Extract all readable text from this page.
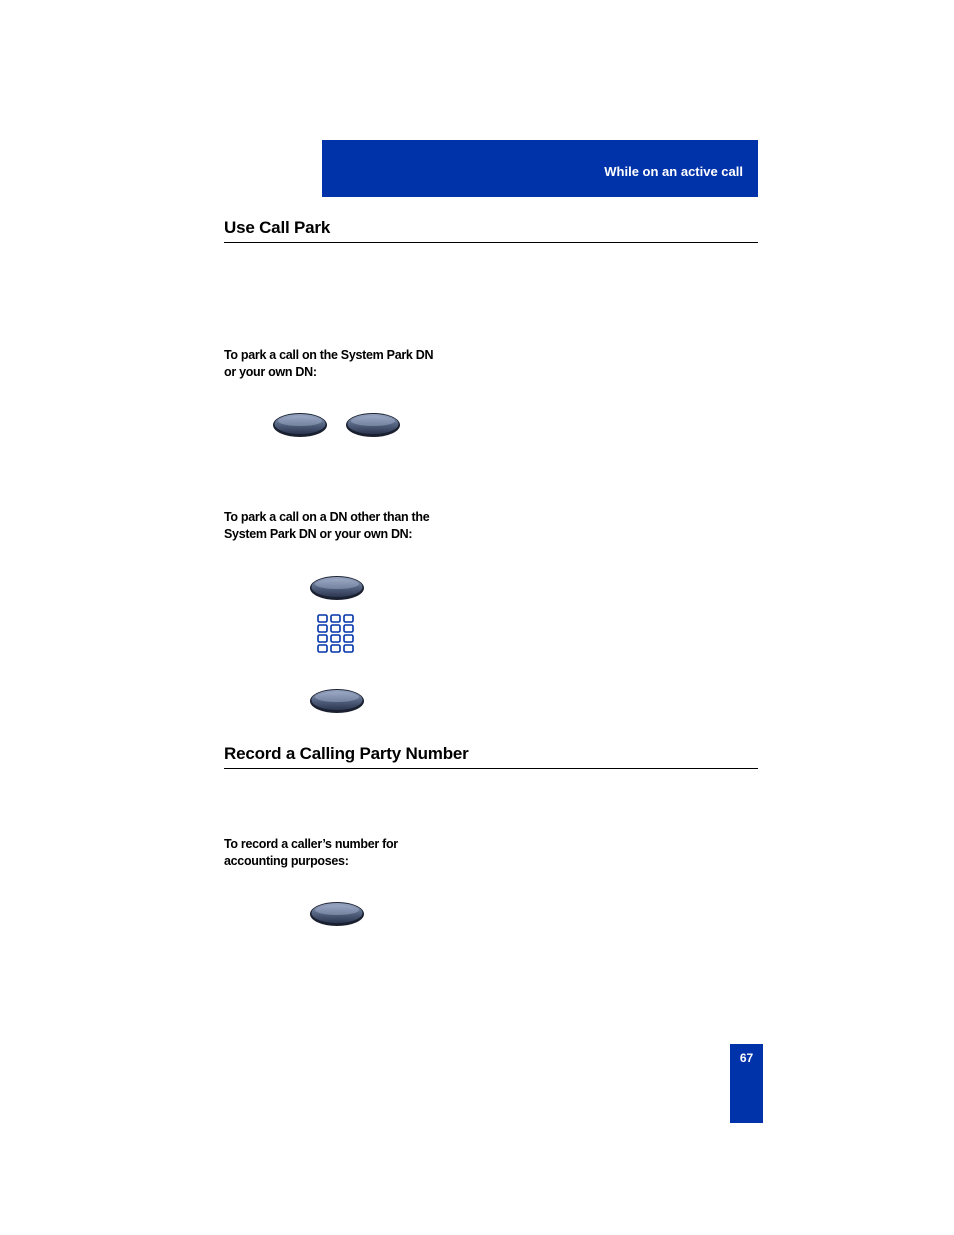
While on an active call
Use Call Park
To park a call on the System Park DN
or your own DN:
To park a call on a DN other than the
System Park DN or your own DN:
Record a Calling Party Number
To record a caller’s number for
accounting purposes:
67
